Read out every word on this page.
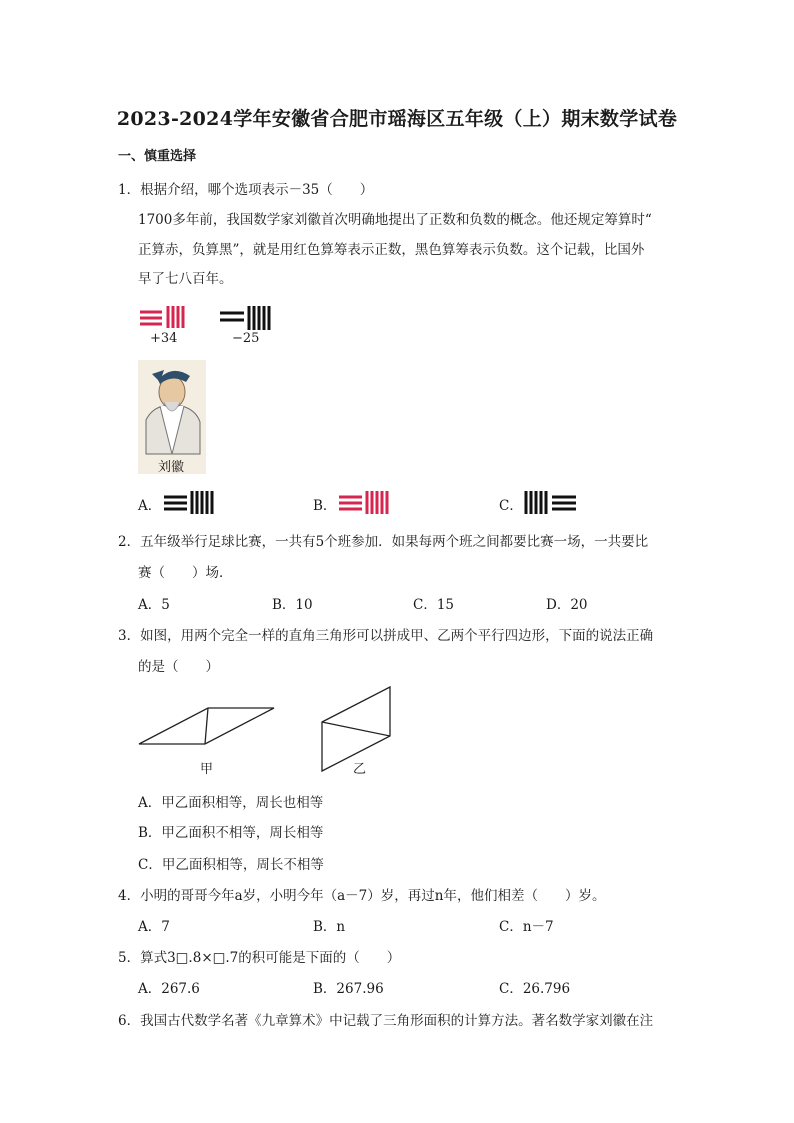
2023-2024学年安徽省合肥市瑶海区五年级（上）期末数学试卷
一、慎重选择
1．根据介绍，哪个选项表示－35（　　）
1700多年前，我国数学家刘徽首次明确地提出了正数和负数的概念。他还规定筹算时“
正算赤，负算黑”，就是用红色算筹表示正数，黑色算筹表示负数。这个记载，比国外
早了七八百年。
+34	−25
刘徽
A．	B．	C．
2．五年级举行足球比赛，一共有5个班参加．如果每两个班之间都要比赛一场，一共要比
赛（　　）场．
A．5	B．10	C．15	D．20
3．如图，用两个完全一样的直角三角形可以拼成甲、乙两个平行四边形，下面的说法正确
的是（　　）
甲	乙
A．甲乙面积相等，周长也相等
B．甲乙面积不相等，周长相等
C．甲乙面积相等，周长不相等
4．小明的哥哥今年a岁，小明今年（a－7）岁，再过n年，他们相差（　　）岁。
A．7	B．n	C．n－7
5．算式3□.8×□.7的积可能是下面的（　　）
A．267.6	B．267.96	C．26.796
6．我国古代数学名著《九章算术》中记载了三角形面积的计算方法。著名数学家刘徽在注
